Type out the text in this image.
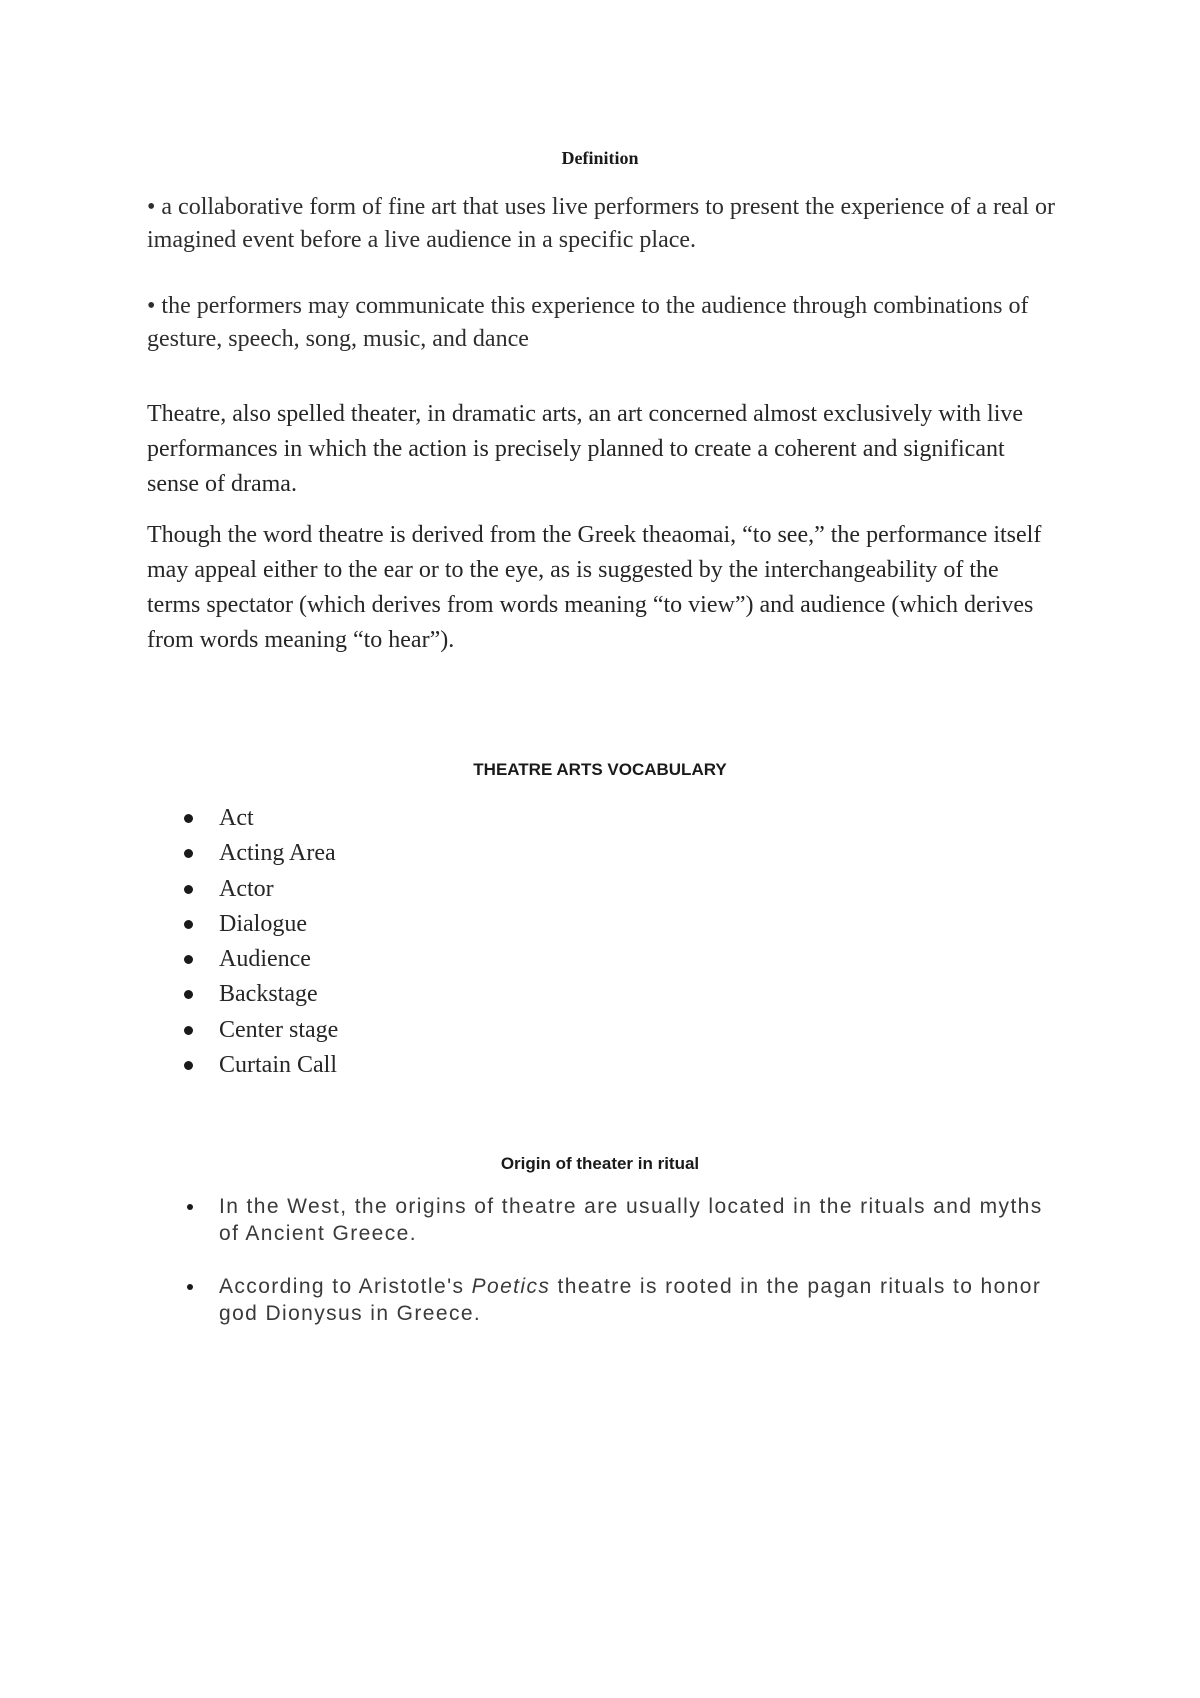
Definition
• a collaborative form of fine art that uses live performers to present the experience of a real or imagined event before a live audience in a specific place.
• the performers may communicate this experience to the audience through combinations of gesture, speech, song, music, and dance
Theatre, also spelled theater, in dramatic arts, an art concerned almost exclusively with live performances in which the action is precisely planned to create a coherent and significant sense of drama.
Though the word theatre is derived from the Greek theaomai, “to see,” the performance itself may appeal either to the ear or to the eye, as is suggested by the interchangeability of the terms spectator (which derives from words meaning “to view”) and audience (which derives from words meaning “to hear”).
THEATRE ARTS VOCABULARY
Act
Acting Area
Actor
Dialogue
Audience
Backstage
Center stage
Curtain Call
Origin of theater in ritual
In the West, the origins of theatre are usually located in the rituals and myths of Ancient Greece.
According to Aristotle's Poetics theatre is rooted in the pagan rituals to honor god Dionysus in Greece.
